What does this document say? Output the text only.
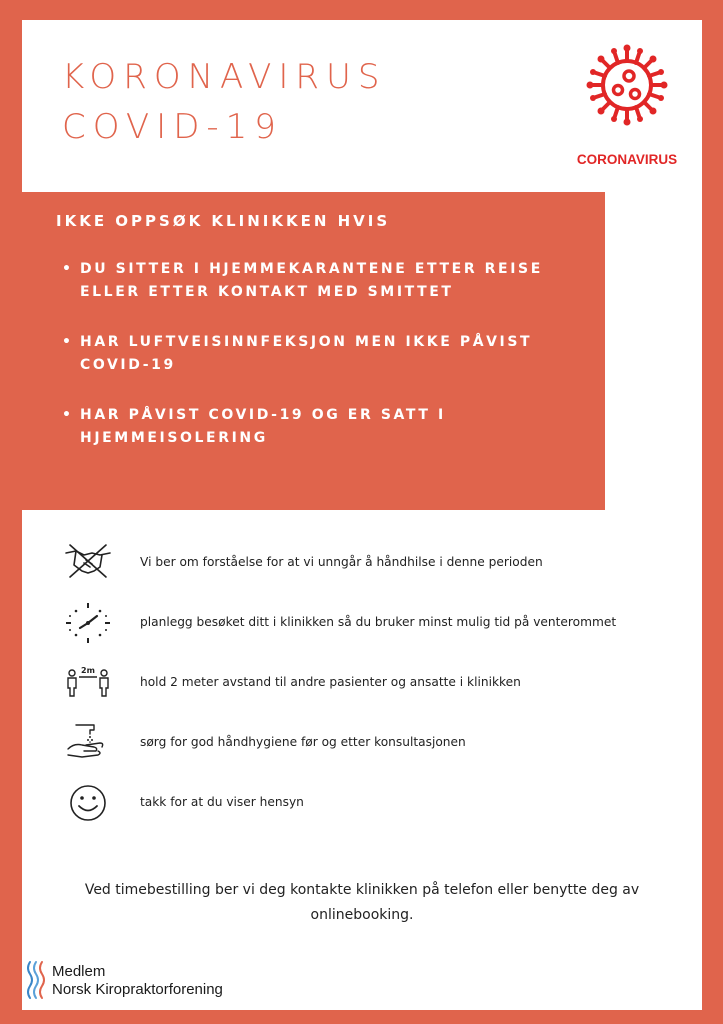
KORONAVIRUS
COVID-19
CORONAVIRUS
IKKE OPPSØK KLINIKKEN HVIS
• DU SITTER I HJEMMEKARANTENE ETTER REISE ELLER ETTER KONTAKT MED SMITTET
• HAR LUFTVEISINNFEKSJON MEN IKKE PÅVIST COVID-19
• HAR PÅVIST COVID-19 OG ER SATT I HJEMMEISOLERING
Vi ber om forståelse for at vi unngår å håndhilse i denne perioden
planlegg besøket ditt i klinikken så du bruker minst mulig tid på venterommet
2m
hold 2 meter avstand til andre pasienter og ansatte i klinikken
sørg for god håndhygiene før og etter konsultasjonen
takk for at du viser hensyn

Ved timebestilling ber vi deg kontakte klinikken på telefon eller benytte deg av onlinebooking.

Medlem
Norsk Kiropraktorforening
